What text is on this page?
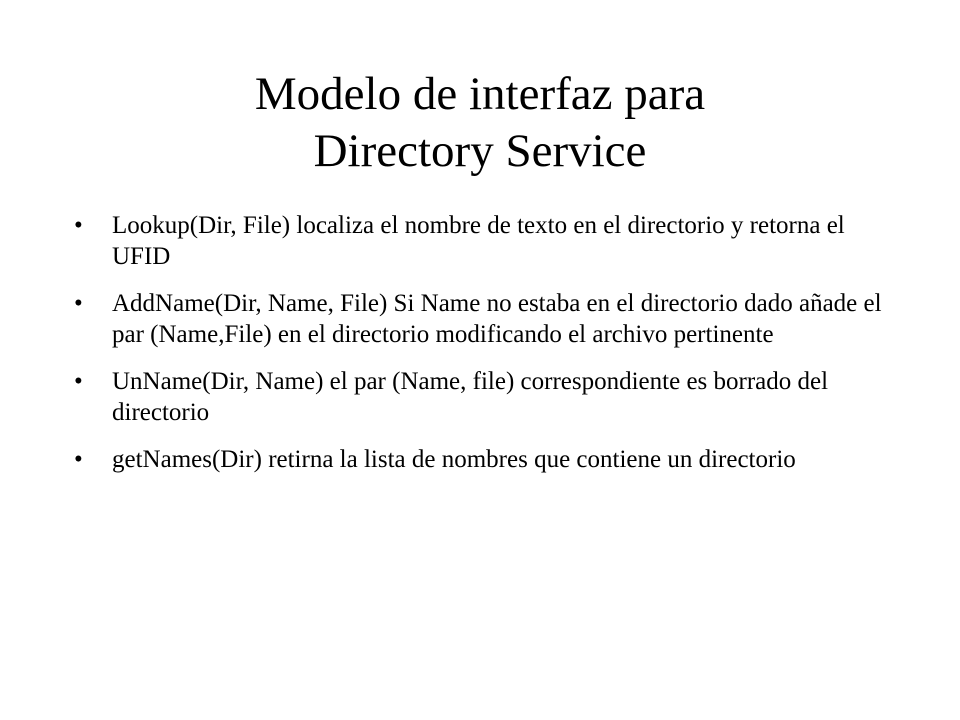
Modelo de interfaz para
Directory Service
• Lookup(Dir, File) localiza el nombre de texto en el directorio y retorna el UFID
• AddName(Dir, Name, File) Si Name no estaba en el directorio dado añade el par (Name,File) en el directorio modificando el archivo pertinente
• UnName(Dir, Name) el par (Name, file) correspondiente es borrado del directorio
• getNames(Dir) retirna la lista de nombres que contiene un directorio
